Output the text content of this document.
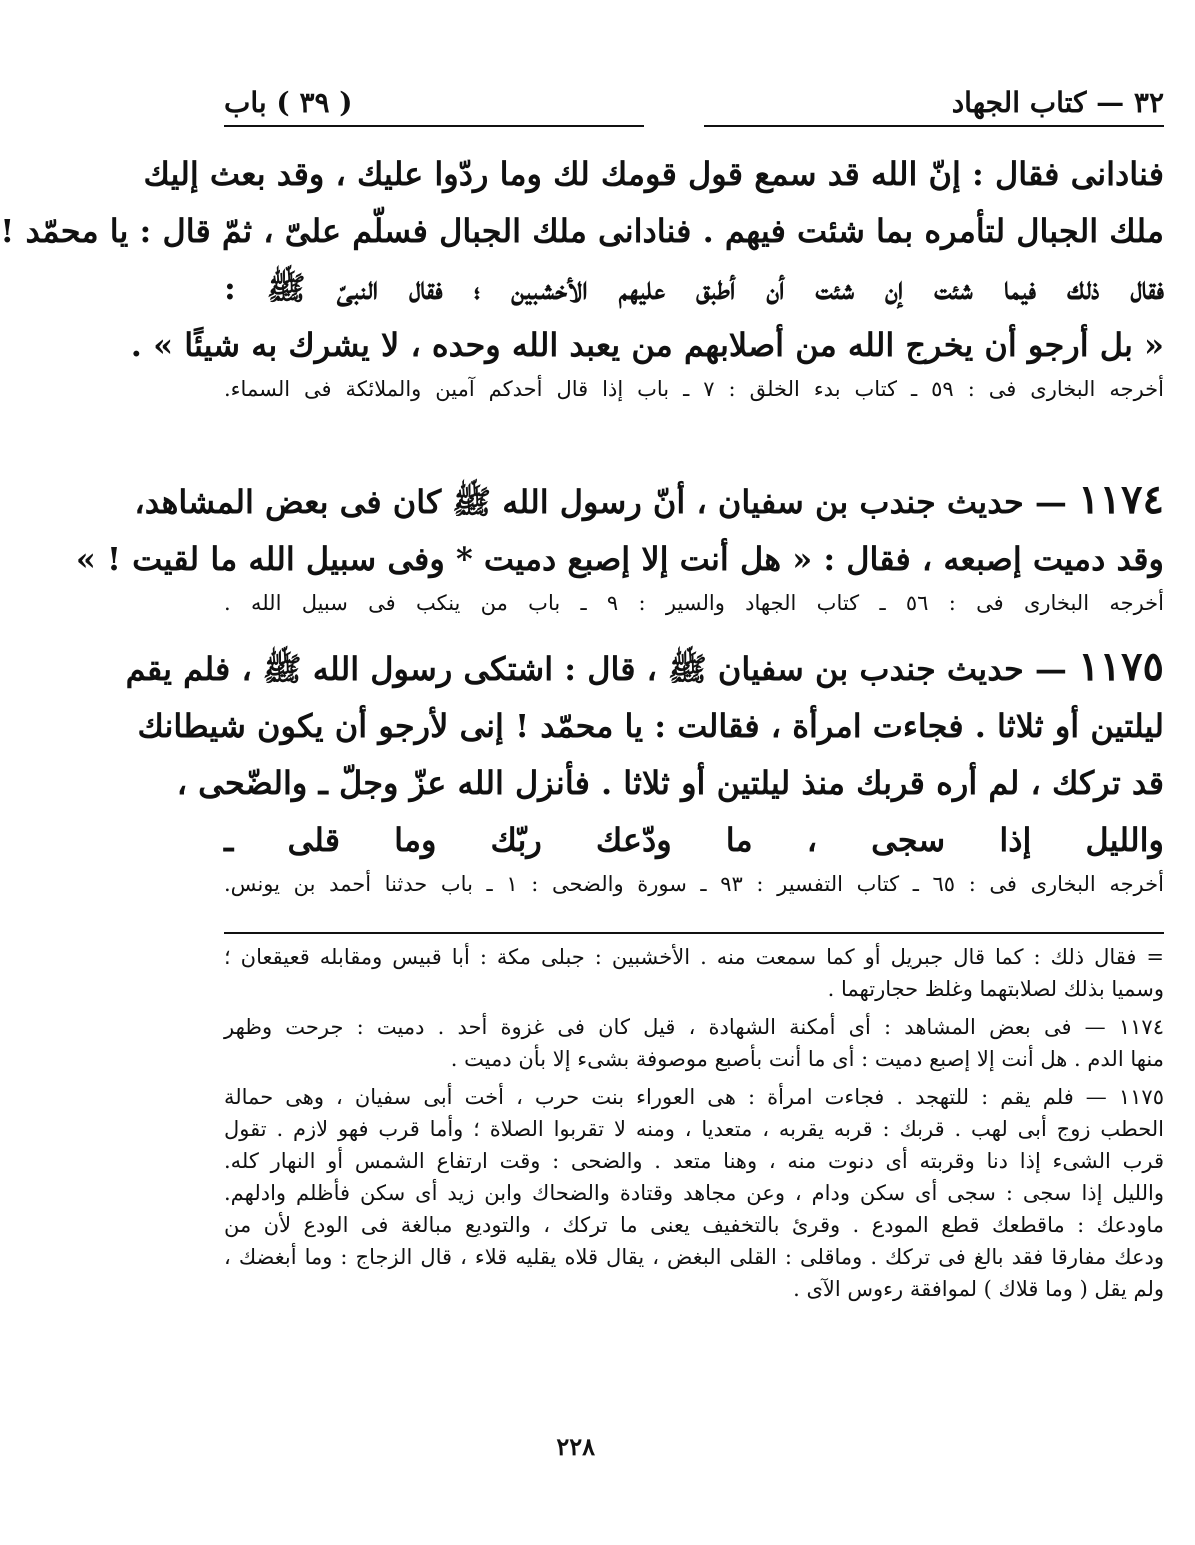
٣٢ — كتاب الجهاد
( ٣٩ ) باب
فنادانى فقال : إنّ الله قد سمع قول قومك لك وما ردّوا عليك ، وقد بعث إليك
ملك الجبال لتأمره بما شئت فيهم . فنادانى ملك الجبال فسلّم علىّ ، ثمّ قال : يا محمّد !
فقال ذلك فيما شئت إن شئت أن أطبق عليهم الأخشبين ؛ فقال النبىّ ﷺ :
« بل أرجو أن يخرج الله من أصلابهم من يعبد الله وحده ، لا يشرك به شيئًا » .
أخرجه البخارى فى : ٥٩ ـ كتاب بدء الخلق : ٧ ـ باب إذا قال أحدكم آمين والملائكة فى السماء.
١١٧٤ — حديث جندب بن سفيان ، أنّ رسول الله ﷺ كان فى بعض المشاهد،
وقد دميت إصبعه ، فقال : « هل أنت إلا إصبع دميت * وفى سبيل الله ما لقيت ! »
أخرجه البخارى فى : ٥٦ ـ كتاب الجهاد والسير : ٩ ـ باب من ينكب فى سبيل الله .
١١٧٥ — حديث جندب بن سفيان ﷺ ، قال : اشتكى رسول الله ﷺ ، فلم يقم
ليلتين أو ثلاثا . فجاءت امرأة ، فقالت : يا محمّد ! إنى لأرجو أن يكون شيطانك
قد تركك ، لم أره قربك منذ ليلتين أو ثلاثا . فأنزل الله عزّ وجلّ ـ والضّحى ،
والليل إذا سجى ، ما ودّعك ربّك وما قلى ـ
أخرجه البخارى فى : ٦٥ ـ كتاب التفسير : ٩٣ ـ سورة والضحى : ١ ـ باب حدثنا أحمد بن يونس.
= فقال ذلك : كما قال جبريل أو كما سمعت منه . الأخشبين : جبلى مكة : أبا قبيس ومقابله قعيقعان ؛
وسميا بذلك لصلابتهما وغلظ حجارتهما .
١١٧٤ — فى بعض المشاهد : أى أمكنة الشهادة ، قيل كان فى غزوة أحد . دميت : جرحت وظهر
منها الدم . هل أنت إلا إصبع دميت : أى ما أنت بأصبع موصوفة بشىء إلا بأن دميت .
١١٧٥ — فلم يقم : للتهجد . فجاءت امرأة : هى العوراء بنت حرب ، أخت أبى سفيان ، وهى حمالة
الحطب زوج أبى لهب . قربك : قربه يقربه ، متعديا ، ومنه لا تقربوا الصلاة ؛ وأما قرب فهو لازم . تقول
قرب الشىء إذا دنا وقربته أى دنوت منه ، وهنا متعد . والضحى : وقت ارتفاع الشمس أو النهار كله.
والليل إذا سجى : سجى أى سكن ودام ، وعن مجاهد وقتادة والضحاك وابن زيد أى سكن فأظلم وادلهم.
ماودعك : ماقطعك قطع المودع . وقرئ بالتخفيف يعنى ما تركك ، والتوديع مبالغة فى الودع لأن من
ودعك مفارقا فقد بالغ فى تركك . وماقلى : القلى البغض ، يقال قلاه يقليه قلاء ، قال الزجاج : وما أبغضك ،
ولم يقل ( وما قلاك ) لموافقة رءوس الآى .
٢٢٨
